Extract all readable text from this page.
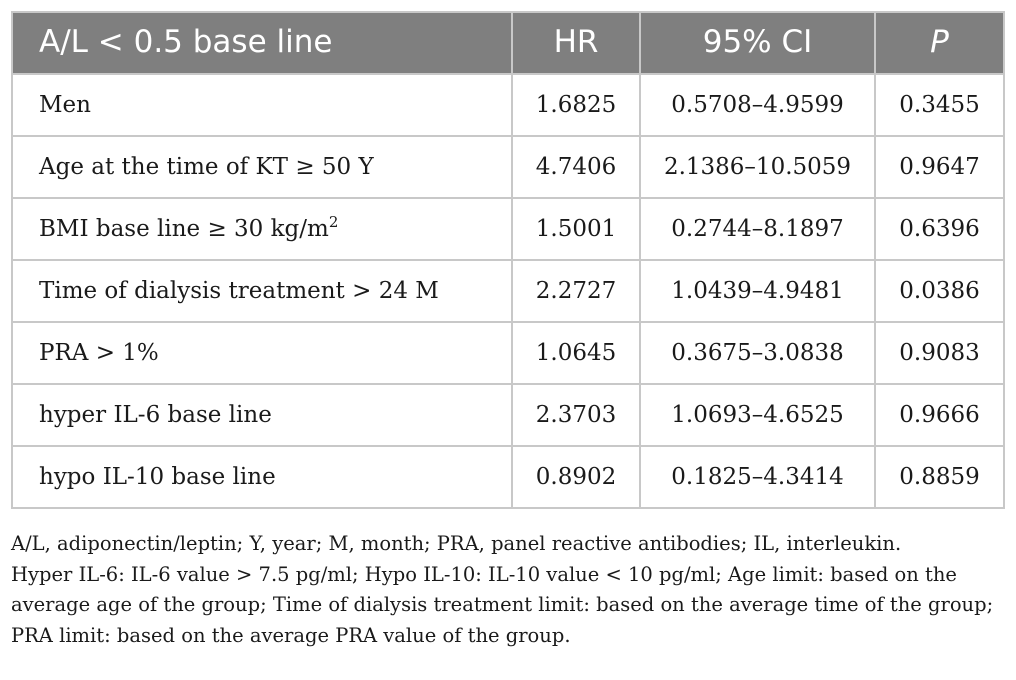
A/L < 0.5 base line	HR	95% CI	P
Men	1.6825	0.5708–4.9599	0.3455
Age at the time of KT ≥ 50 Y	4.7406	2.1386–10.5059	0.9647
BMI base line ≥ 30 $kg/m^2$	1.5001	0.2744–8.1897	0.6396
Time of dialysis treatment > 24 M	2.2727	1.0439–4.9481	0.0386
PRA > 1%	1.0645	0.3675–3.0838	0.9083
hyper IL-6 base line	2.3703	1.0693–4.6525	0.9666
hypo IL-10 base line	0.8902	0.1825–4.3414	0.8859

A/L, adiponectin/leptin; Y, year; M, month; PRA, panel reactive antibodies; IL, interleukin.

Hyper IL-6: IL-6 value > 7.5 pg/ml; Hypo IL-10: IL-10 value < 10 pg/ml; Age limit: based on the average age of the group; Time of dialysis treatment limit: based on the average time of the group; PRA limit: based on the average PRA value of the group.
